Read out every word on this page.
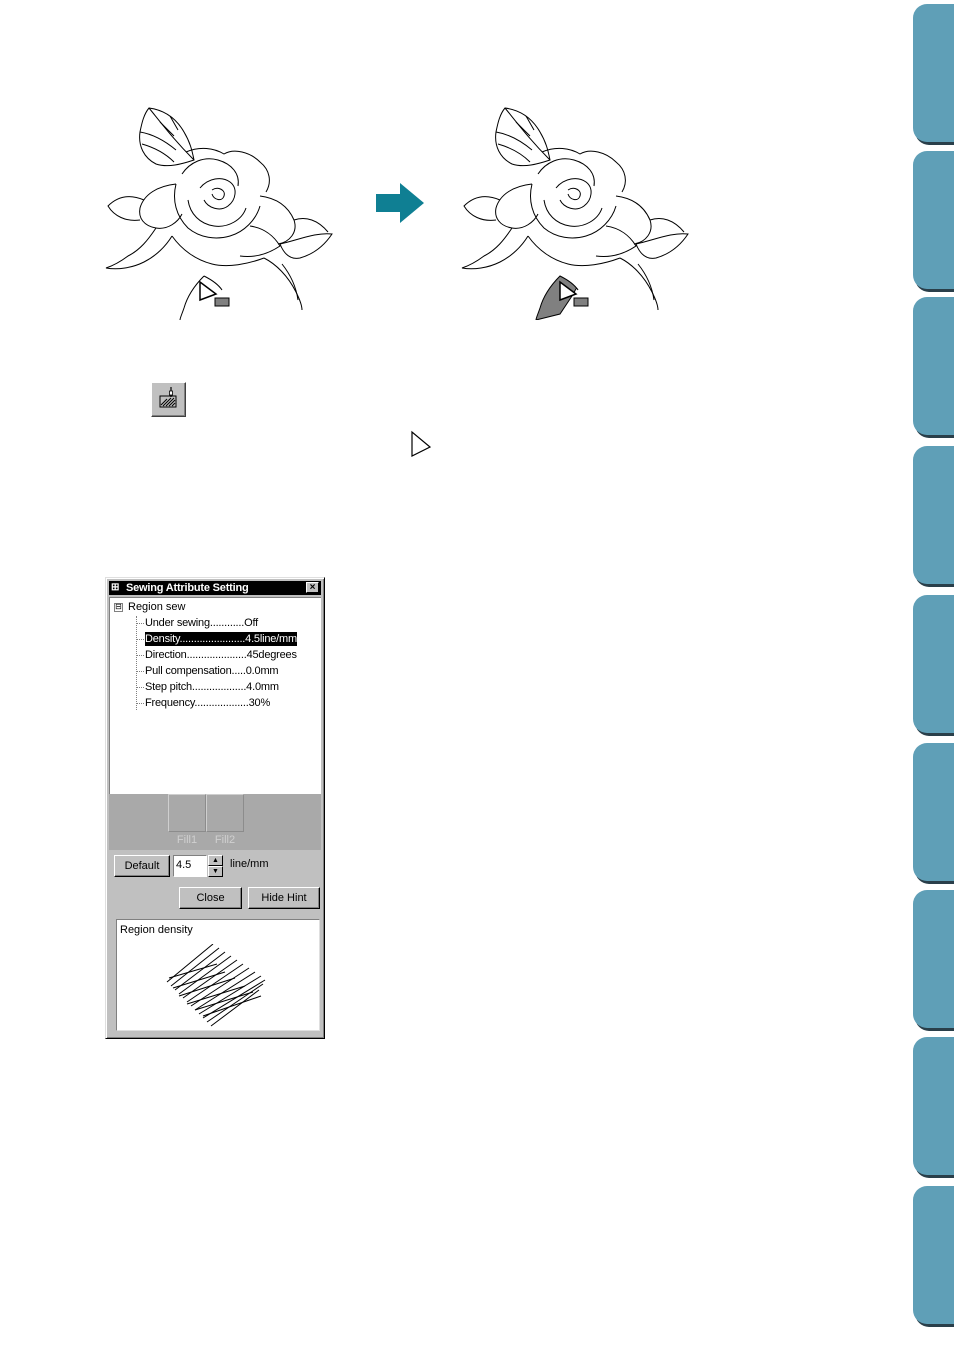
⊞ Sewing Attribute Setting	×
⊟ Region sew
Under sewing............Off
Density.......................4.5line/mm
Direction.....................45degrees
Pull compensation.....0.0mm
Step pitch...................4.0mm
Frequency...................30%
Fill1	Fill2
Default	4.5	▲
▼
line/mm
Close	Hide Hint
Region density
